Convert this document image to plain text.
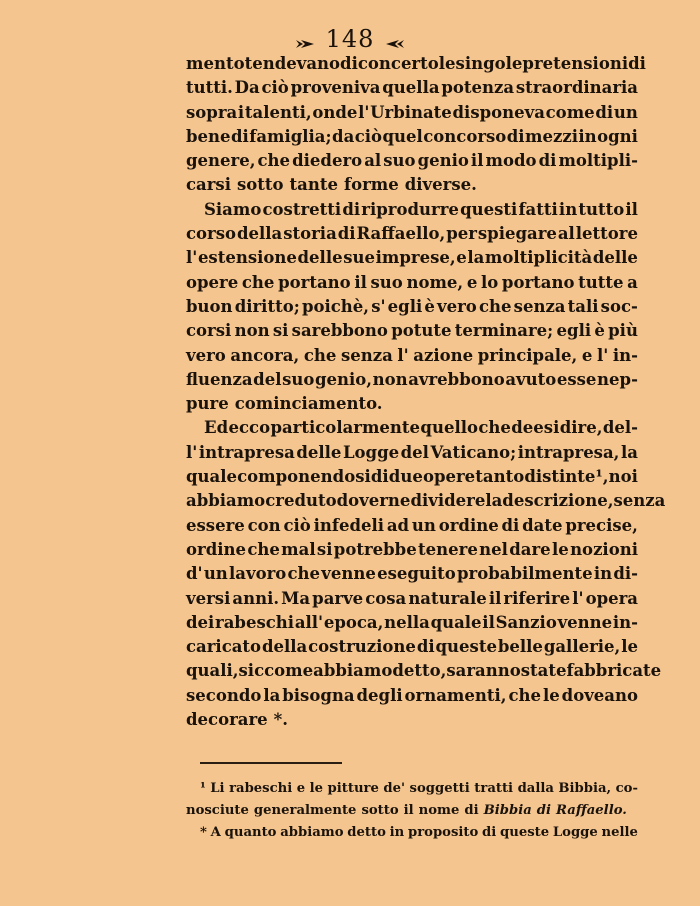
148
mento tendevano di concerto le singole pretensioni di
tutti. Da ciò proveniva quella potenza straordinaria
sopra i talenti, onde l' Urbinate disponeva come di un
bene di famiglia; da ciò quel concorso di mezzi in ogni
genere, che diedero al suo genio il modo di moltipli-
carsi sotto tante forme diverse.
Siamo costretti di riprodurre questi fatti in tutto il
corso della storia di Raffaello, per spiegare al lettore
l' estensione delle sue imprese, e la moltiplicità delle
opere che portano il suo nome, e lo portano tutte a
buon diritto; poichè, s' egli è vero che senza tali soc-
corsi non si sarebbono potute terminare; egli è più
vero ancora, che senza l' azione principale, e l' in-
fluenza del suo genio, non avrebbono avuto esse nep-
pure cominciamento.
Ed ecco particolarmente quello che deesi dire, del-
l' intrapresa delle Logge del Vaticano; intrapresa, la
quale componendosi di due opere tanto distinte ¹, noi
abbiamo creduto doverne dividere la descrizione, senza
essere con ciò infedeli ad un ordine di date precise,
ordine che mal si potrebbe tenere nel dare le nozioni
d' un lavoro che venne eseguito probabilmente in di-
versi anni. Ma parve cosa naturale il riferire l' opera
dei rabeschi all' epoca, nella quale il Sanzio venne in-
caricato della costruzione di queste belle gallerie, le
quali, siccome abbiamo detto, saranno state fabbricate
secondo la bisogna degli ornamenti, che le doveano
decorare *.
¹ Li rabeschi e le pitture de' soggetti tratti dalla Bibbia, co-
nosciute generalmente sotto il nome di Bibbia di Raffaello.
* A quanto abbiamo detto in proposito di queste Logge nelle
